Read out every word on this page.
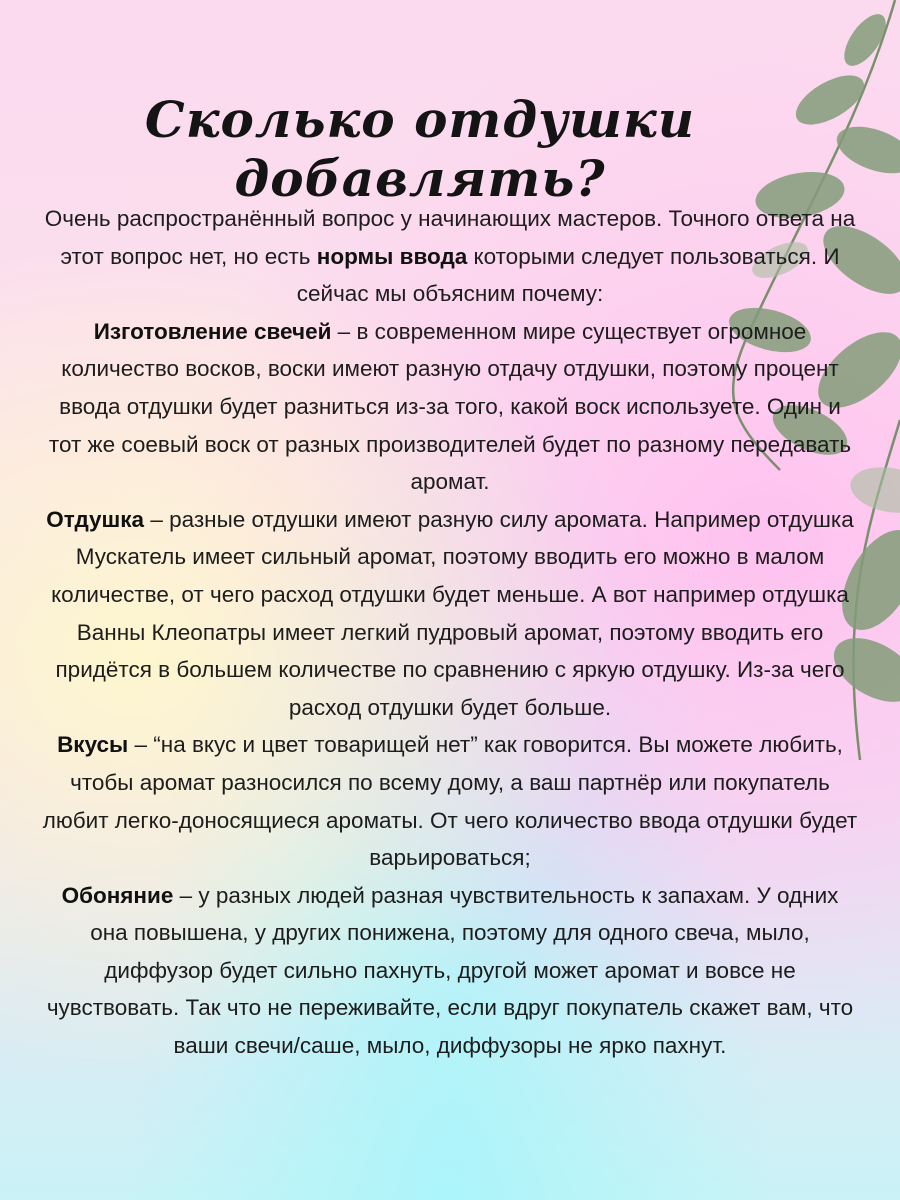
Сколько отдушки добавлять?

Очень распространённый вопрос у начинающих мастеров. Точного ответа на этот вопрос нет, но есть нормы ввода которыми следует пользоваться. И сейчас мы объясним почему:

Изготовление свечей – в современном мире существует огромное количество восков, воски имеют разную отдачу отдушки, поэтому процент ввода отдушки будет разниться из-за того, какой воск используете. Один и тот же соевый воск от разных производителей будет по разному передавать аромат.

Отдушка – разные отдушки имеют разную силу аромата. Например отдушка Мускатель имеет сильный аромат, поэтому вводить его можно в малом количестве, от чего расход отдушки будет меньше. А вот например отдушка Ванны Клеопатры имеет легкий пудровый аромат, поэтому вводить его придётся в большем количестве по сравнению с яркую отдушку. Из-за чего расход отдушки будет больше.

Вкусы – “на вкус и цвет товарищей нет” как говорится. Вы можете любить, чтобы аромат разносился по всему дому, а ваш партнёр или покупатель любит легко-доносящиеся ароматы. От чего количество ввода отдушки будет варьироваться;

Обоняние – у разных людей разная чувствительность к запахам. У одних она повышена, у других понижена, поэтому для одного свеча, мыло, диффузор будет сильно пахнуть, другой может аромат и вовсе не чувствовать. Так что не переживайте, если вдруг покупатель скажет вам, что ваши свечи/саше, мыло, диффузоры не ярко пахнут.
